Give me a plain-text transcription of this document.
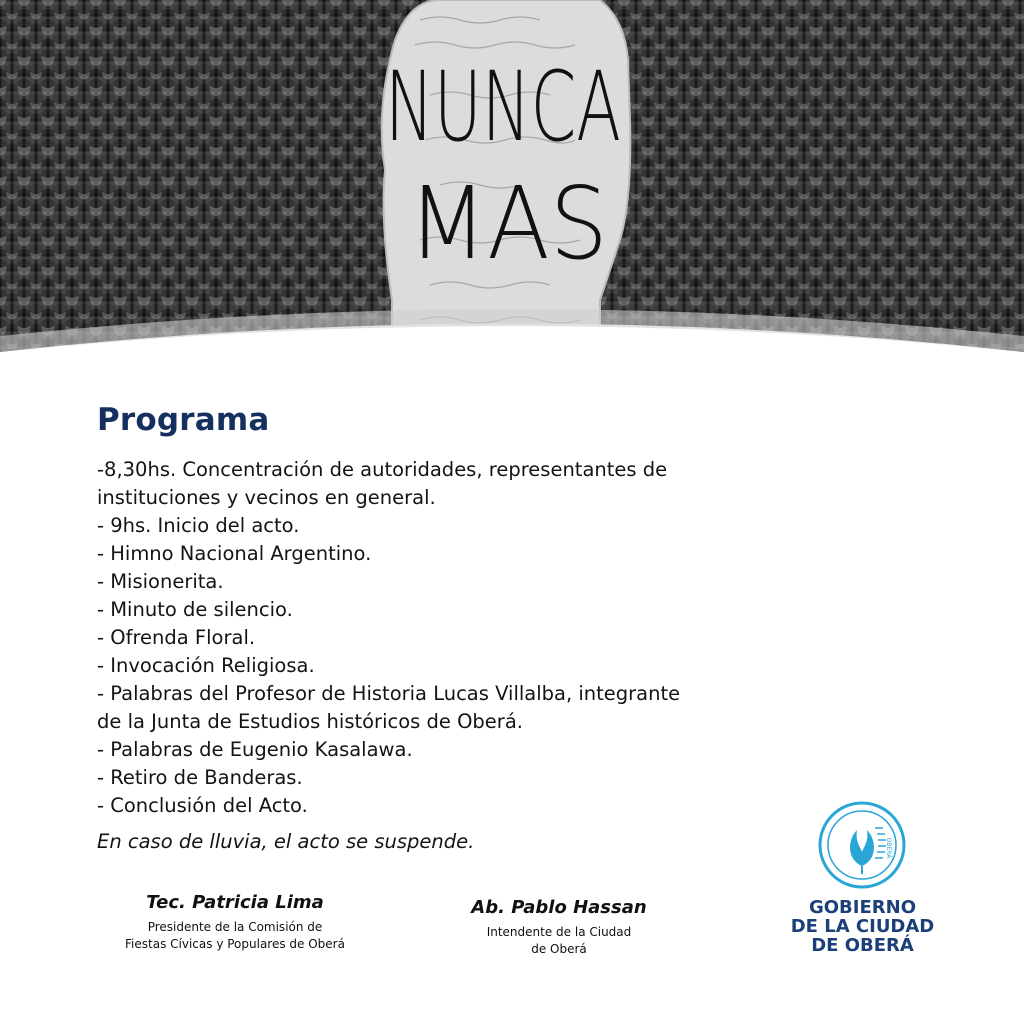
NUNCA
MAS
Programa
-8,30hs. Concentración de autoridades, representantes de
instituciones y vecinos en general.
- 9hs. Inicio del acto.
- Himno Nacional Argentino.
- Misionerita.
- Minuto de silencio.
- Ofrenda Floral.
- Invocación Religiosa.
- Palabras del Profesor de Historia Lucas Villalba, integrante
de la Junta de Estudios históricos de Oberá.
- Palabras de Eugenio Kasalawa.
- Retiro de Banderas.
- Conclusión del Acto.

En caso de lluvia, el acto se suspende.

Tec. Patricia Lima
Presidente de la Comisión de
Fiestas Cívicas y Populares de Oberá
Ab. Pablo Hassan
Intendente de la Ciudad
de Oberá
OBERÁ
GOBIERNO
DE LA CIUDAD
DE OBERÁ
